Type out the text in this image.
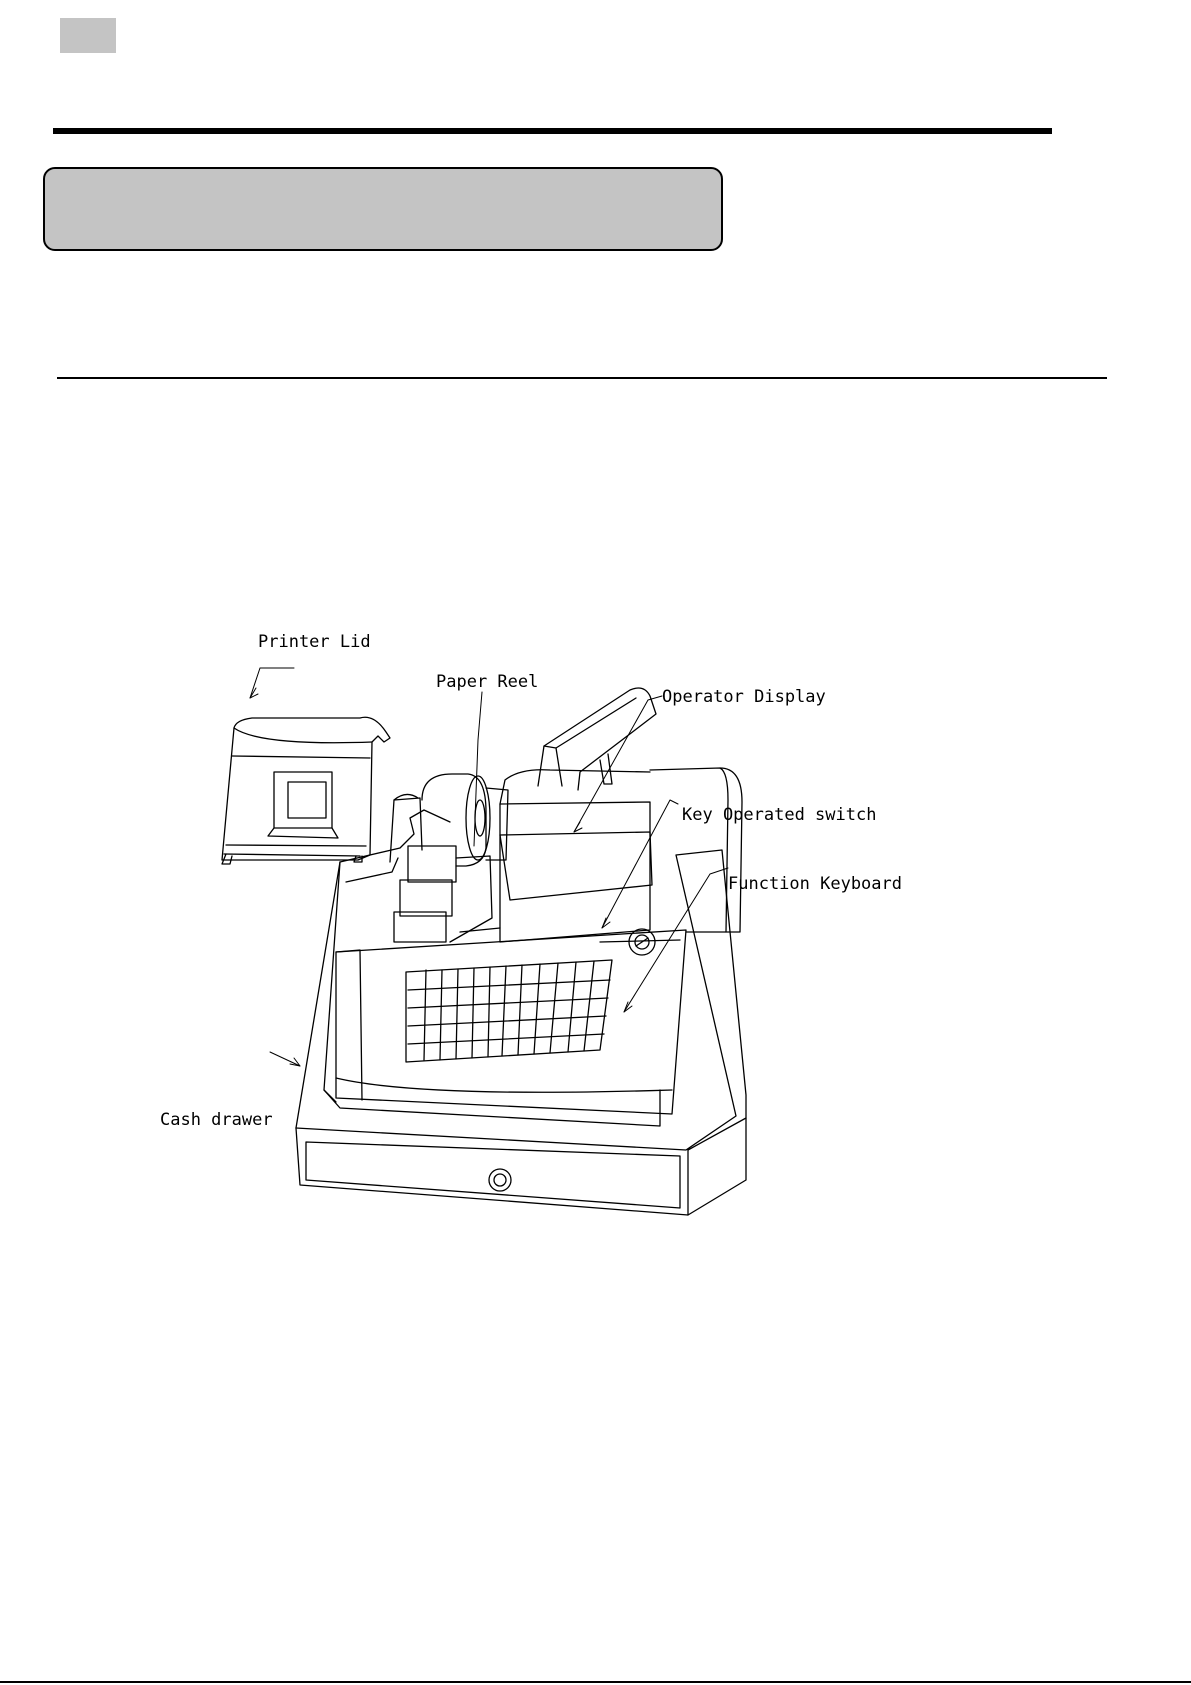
Printer Lid
Paper Reel
Operator Display
Key Operated switch
Function Keyboard
Cash drawer
